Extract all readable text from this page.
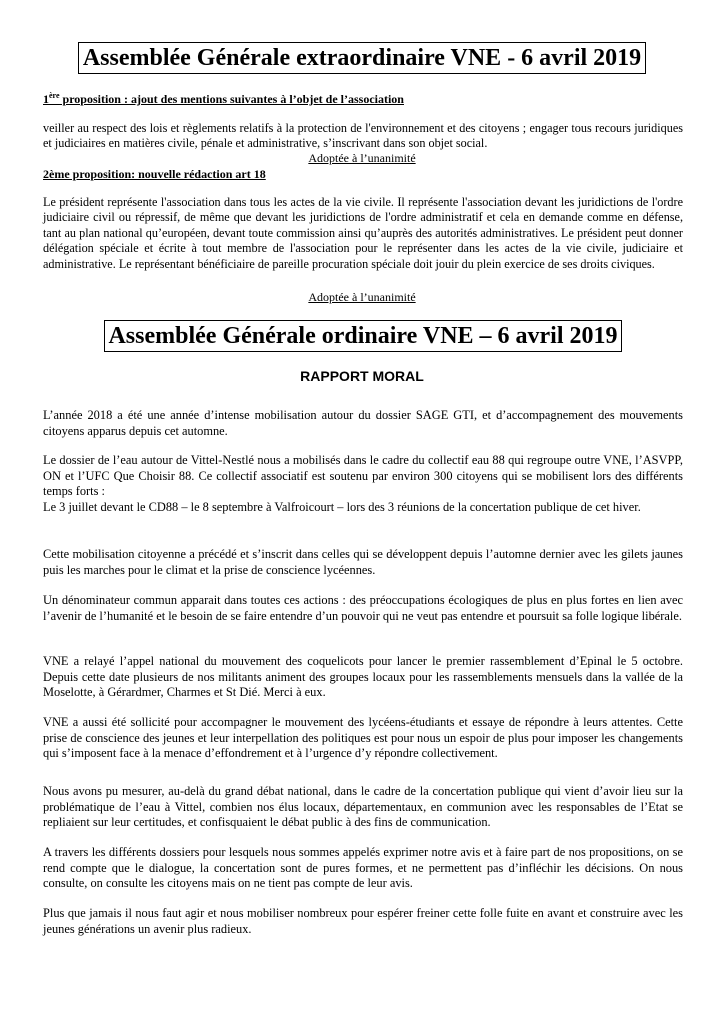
Assemblée Générale extraordinaire VNE - 6 avril 2019
1ère proposition : ajout des mentions suivantes à l’objet de l’association
veiller au respect des lois et règlements relatifs à la protection de l'environnement et des citoyens ; engager tous recours juridiques et judiciaires en matières civile, pénale et administrative, s’inscrivant dans son objet social.
Adoptée à l’unanimité
2ème proposition: nouvelle rédaction art 18
Le président représente l'association dans tous les actes de la vie civile. Il représente l'association devant les juridictions de l'ordre judiciaire civil ou répressif, de même que devant les juridictions de l'ordre administratif et cela en demande comme en défense, tant au plan national qu’européen, devant toute commission ainsi qu’auprès des autorités administratives. Le président peut donner délégation spéciale et écrite à tout membre de l'association pour le représenter dans les actes de la vie civile, judiciaire et administrative. Le représentant bénéficiaire de pareille procuration spéciale doit jouir du plein exercice de ses droits civiques.
Adoptée à l’unanimité
Assemblée Générale ordinaire VNE – 6 avril 2019
RAPPORT MORAL
L’année 2018 a été une année d’intense mobilisation autour du dossier SAGE GTI, et d’accompagnement des mouvements citoyens apparus depuis cet automne.
Le dossier de l’eau autour de Vittel-Nestlé nous a mobilisés dans le cadre du collectif eau 88 qui regroupe outre VNE, l’ASVPP, ON et l’UFC Que Choisir 88. Ce collectif associatif est soutenu par environ 300 citoyens qui se mobilisent lors des différents temps forts :
Le 3 juillet devant le CD88 – le 8 septembre à Valfroicourt – lors des 3 réunions de la concertation publique de cet hiver.
Cette mobilisation citoyenne a précédé et s’inscrit dans celles qui se développent depuis l’automne dernier avec les gilets jaunes puis les marches pour le climat et la prise de conscience lycéennes.
Un dénominateur commun apparait dans toutes ces actions : des préoccupations écologiques de plus en plus fortes en lien avec l’avenir de l’humanité et le besoin de se faire entendre d’un pouvoir qui ne veut pas entendre et poursuit sa folle logique libérale.
VNE a relayé l’appel national du mouvement des coquelicots pour lancer le premier rassemblement d’Epinal le 5 octobre. Depuis cette date plusieurs de nos militants animent des groupes locaux pour les rassemblements mensuels dans la vallée de la Moselotte, à Gérardmer, Charmes et St Dié. Merci à eux.
VNE a aussi été sollicité pour accompagner le mouvement des lycéens-étudiants et essaye de répondre à leurs attentes. Cette prise de conscience des jeunes et leur interpellation des politiques est pour nous un espoir de plus pour imposer les changements qui s’imposent face à la menace d’effondrement et à l’urgence d’y répondre collectivement.
Nous avons pu mesurer, au-delà du grand débat national, dans le cadre de la concertation publique qui vient d’avoir lieu sur la problématique de l’eau à Vittel, combien nos élus locaux, départementaux, en communion avec les responsables de l’Etat se repliaient sur leur certitudes, et confisquaient le débat public à des fins de communication.
A travers les différents dossiers pour lesquels nous sommes appelés exprimer notre avis et à faire part de nos propositions, on se rend compte que le dialogue, la concertation sont de pures formes, et ne permettent pas d’infléchir les décisions. On nous consulte, on consulte les citoyens mais on ne tient pas compte de leur avis.
Plus que jamais il nous faut agir et nous mobiliser nombreux pour espérer freiner cette folle fuite en avant et construire avec les jeunes générations un avenir plus radieux.
